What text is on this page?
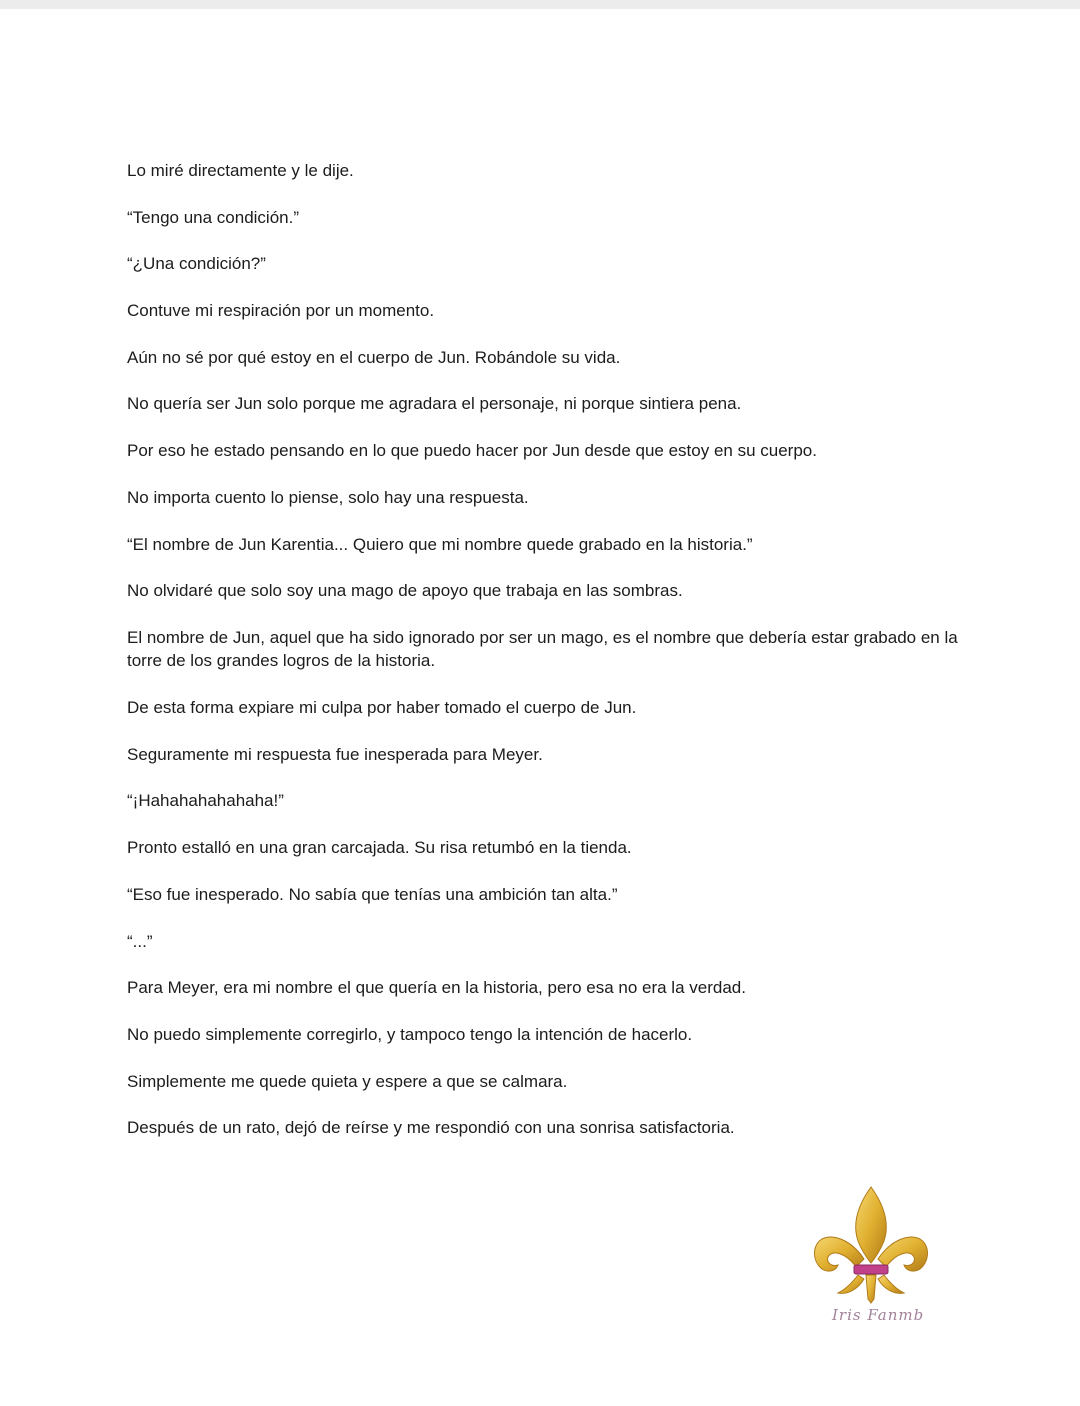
Lo miré directamente y le dije.

“Tengo una condición.”

“¿Una condición?”

Contuve mi respiración por un momento.

Aún no sé por qué estoy en el cuerpo de Jun. Robándole su vida.

No quería ser Jun solo porque me agradara el personaje, ni porque sintiera pena.

Por eso he estado pensando en lo que puedo hacer por Jun desde que estoy en su cuerpo.

No importa cuento lo piense, solo hay una respuesta.

“El nombre de Jun Karentia... Quiero que mi nombre quede grabado en la historia.”

No olvidaré que solo soy una mago de apoyo que trabaja en las sombras.

El nombre de Jun, aquel que ha sido ignorado por ser un mago, es el nombre que debería estar grabado en la torre de los grandes logros de la historia.

De esta forma expiare mi culpa por haber tomado el cuerpo de Jun.

Seguramente mi respuesta fue inesperada para Meyer.

“¡Hahahahahahaha!”

Pronto estalló en una gran carcajada. Su risa retumbó en la tienda.

“Eso fue inesperado. No sabía que tenías una ambición tan alta.”

“...”

Para Meyer, era mi nombre el que quería en la historia, pero esa no era la verdad.

No puedo simplemente corregirlo, y tampoco tengo la intención de hacerlo.

Simplemente me quede quieta y espere a que se calmara.

Después de un rato, dejó de reírse y me respondió con una sonrisa satisfactoria.

Iris Fanmb
